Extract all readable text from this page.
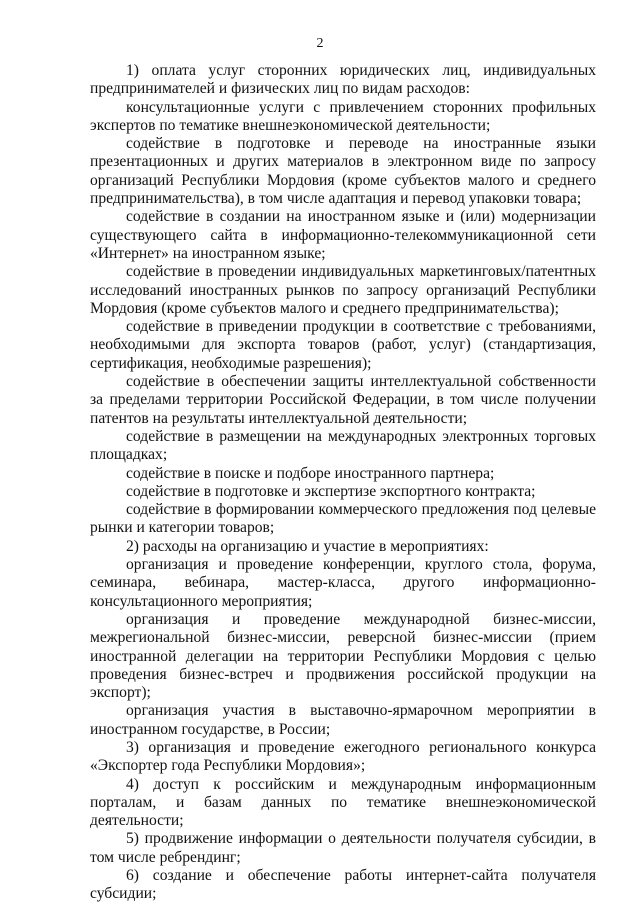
2

1) оплата услуг сторонних юридических лиц, индивидуальных предпринимателей и физических лиц по видам расходов:

консультационные услуги с привлечением сторонних профильных экспертов по тематике внешнеэкономической деятельности;

содействие в подготовке и переводе на иностранные языки презентационных и других материалов в электронном виде по запросу организаций Республики Мордовия (кроме субъектов малого и среднего предпринимательства), в том числе адаптация и перевод упаковки товара;

содействие в создании на иностранном языке и (или) модернизации существующего сайта в информационно-телекоммуникационной сети «Интернет» на иностранном языке;

содействие в проведении индивидуальных маркетинговых/патентных исследований иностранных рынков по запросу организаций Республики Мордовия (кроме субъектов малого и среднего предпринимательства);

содействие в приведении продукции в соответствие с требованиями, необходимыми для экспорта товаров (работ, услуг) (стандартизация, сертификация, необходимые разрешения);

содействие в обеспечении защиты интеллектуальной собственности за пределами территории Российской Федерации, в том числе получении патентов на результаты интеллектуальной деятельности;

содействие в размещении на международных электронных торговых площадках;

содействие в поиске и подборе иностранного партнера;

содействие в подготовке и экспертизе экспортного контракта;

содействие в формировании коммерческого предложения под целевые рынки и категории товаров;

2) расходы на организацию и участие в мероприятиях:

организация и проведение конференции, круглого стола, форума, семинара, вебинара, мастер-класса, другого информационно-консультационного мероприятия;

организация и проведение международной бизнес-миссии, межрегиональной бизнес-миссии, реверсной бизнес-миссии (прием иностранной делегации на территории Республики Мордовия с целью проведения бизнес-встреч и продвижения российской продукции на экспорт);

организация участия в выставочно-ярмарочном мероприятии в иностранном государстве, в России;

3) организация и проведение ежегодного регионального конкурса «Экспортер года Республики Мордовия»;

4) доступ к российским и международным информационным порталам, и базам данных по тематике внешнеэкономической деятельности;

5) продвижение информации о деятельности получателя субсидии, в том числе ребрендинг;

6) создание и обеспечение работы интернет-сайта получателя субсидии;
